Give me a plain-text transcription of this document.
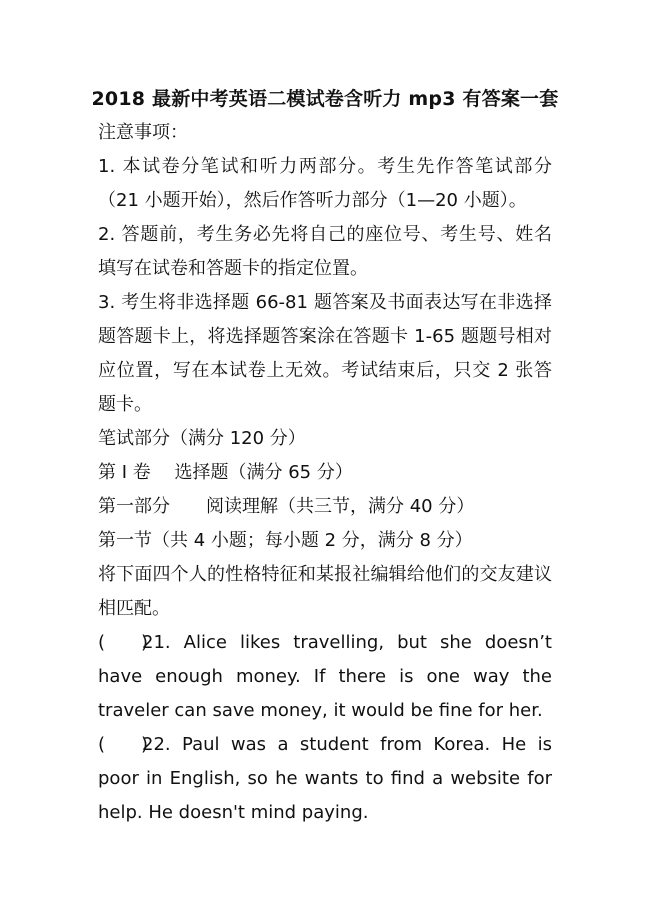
2018 最新中考英语二模试卷含听力 mp3 有答案一套

注意事项：

1. 本试卷分笔试和听力两部分。考生先作答笔试部分（21 小题开始），然后作答听力部分（1—20 小题）。

2. 答题前，考生务必先将自己的座位号、考生号、姓名填写在试卷和答题卡的指定位置。

3. 考生将非选择题 66-81 题答案及书面表达写在非选择题答题卡上，将选择题答案涂在答题卡 1-65 题题号相对应位置，写在本试卷上无效。考试结束后，只交 2 张答题卡。

笔试部分（满分 120 分）

第 I 卷　 选择题（满分 65 分）

第一部分　　阅读理解（共三节，满分 40 分）

第一节（共 4 小题；每小题 2 分，满分 8 分）

将下面四个人的性格特征和某报社编辑给他们的交友建议相匹配。

(　　)21. Alice likes travelling, but she doesn’t have enough money. If there is one way the traveler can save money, it would be fine for her.

(　　)22. Paul was a student from Korea. He is poor in English, so he wants to find a website for help. He doesn't mind paying.
